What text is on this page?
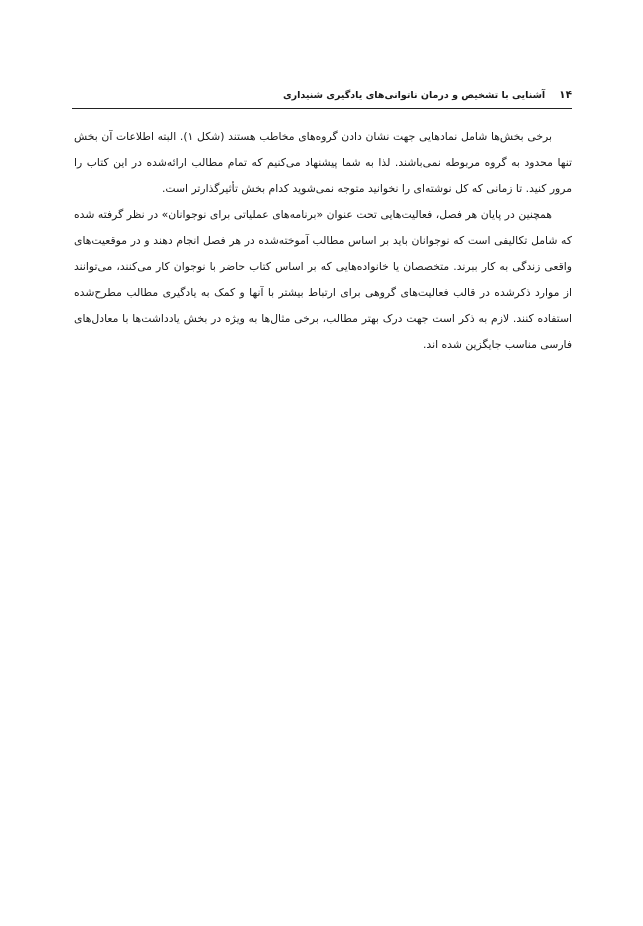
۱۴
آشنایی با تشخیص و درمان ناتوانی‌های یادگیری شنیداری

برخی بخش‌ها شامل نمادهایی جهت نشان دادن گروه‌های مخاطب هستند (شکل ۱). البته اطلاعات آن بخش تنها محدود به گروه مربوطه نمی‌باشند. لذا به شما پیشنهاد می‌کنیم که تمام مطالب ارائه‌شده در این کتاب را مرور کنید. تا زمانی که کل نوشته‌ای را نخوانید متوجه نمی‌شوید کدام بخش تأثیرگذارتر است.

همچنین در پایان هر فصل، فعالیت‌هایی تحت عنوان «برنامه‌های عملیاتی برای نوجوانان» در نظر گرفته شده که شامل تکالیفی است که نوجوانان باید بر اساس مطالب آموخته‌شده در هر فصل انجام دهند و در موقعیت‌های واقعی زندگی به کار ببرند. متخصصان یا خانواده‌هایی که بر اساس کتاب حاضر با نوجوان کار می‌کنند، می‌توانند از موارد ذکرشده در قالب فعالیت‌های گروهی برای ارتباط بیشتر با آنها و کمک به یادگیری مطالب مطرح‌شده استفاده کنند. لازم به ذکر است جهت درک بهتر مطالب، برخی مثال‌ها به ویژه در بخش یادداشت‌ها با معادل‌های فارسی مناسب جایگزین شده اند.
